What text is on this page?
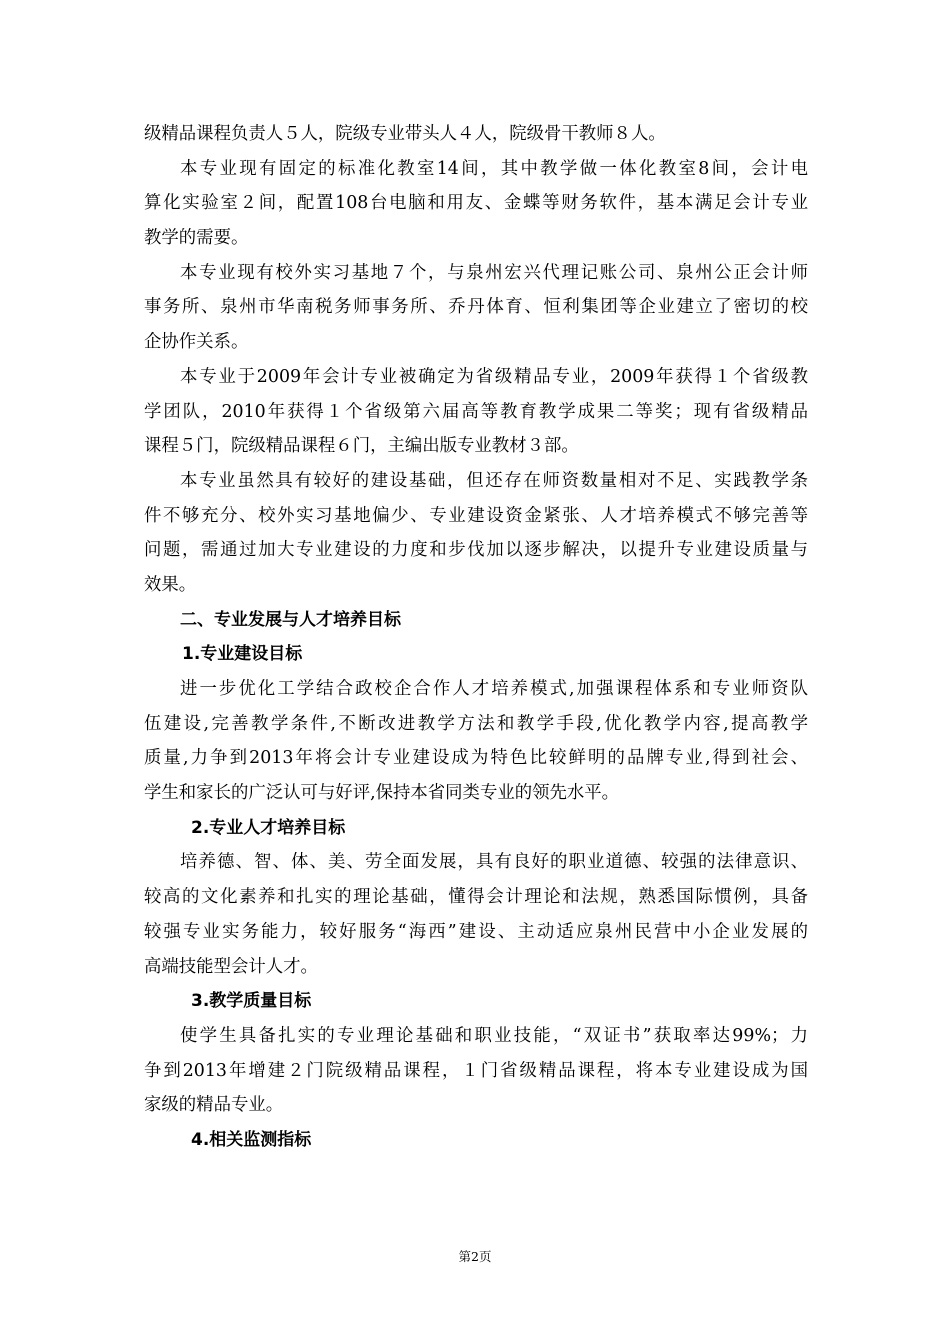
级精品课程负责人５人，院级专业带头人４人，院级骨干教师８人。
本专业现有固定的标准化教室14间，其中教学做一体化教室8间，会计电
算化实验室２间，配置108台电脑和用友、金蝶等财务软件，基本满足会计专业
教学的需要。
本专业现有校外实习基地７个，与泉州宏兴代理记账公司、泉州公正会计师
事务所、泉州市华南税务师事务所、乔丹体育、恒利集团等企业建立了密切的校
企协作关系。
本专业于2009年会计专业被确定为省级精品专业，2009年获得１个省级教
学团队，2010年获得１个省级第六届高等教育教学成果二等奖；现有省级精品
课程５门，院级精品课程６门，主编出版专业教材３部。
本专业虽然具有较好的建设基础，但还存在师资数量相对不足、实践教学条
件不够充分、校外实习基地偏少、专业建设资金紧张、人才培养模式不够完善等
问题，需通过加大专业建设的力度和步伐加以逐步解决，以提升专业建设质量与
效果。
二、专业发展与人才培养目标
1.专业建设目标
进一步优化工学结合政校企合作人才培养模式,加强课程体系和专业师资队
伍建设,完善教学条件,不断改进教学方法和教学手段,优化教学内容,提高教学
质量,力争到2013年将会计专业建设成为特色比较鲜明的品牌专业,得到社会、
学生和家长的广泛认可与好评,保持本省同类专业的领先水平。
2.专业人才培养目标
培养德、智、体、美、劳全面发展，具有良好的职业道德、较强的法律意识、
较高的文化素养和扎实的理论基础，懂得会计理论和法规，熟悉国际惯例，具备
较强专业实务能力，较好服务“海西”建设、主动适应泉州民营中小企业发展的
高端技能型会计人才。
3.教学质量目标
使学生具备扎实的专业理论基础和职业技能，“双证书”获取率达99%；力
争到2013年增建２门院级精品课程，１门省级精品课程，将本专业建设成为国
家级的精品专业。
4.相关监测指标
第2页
